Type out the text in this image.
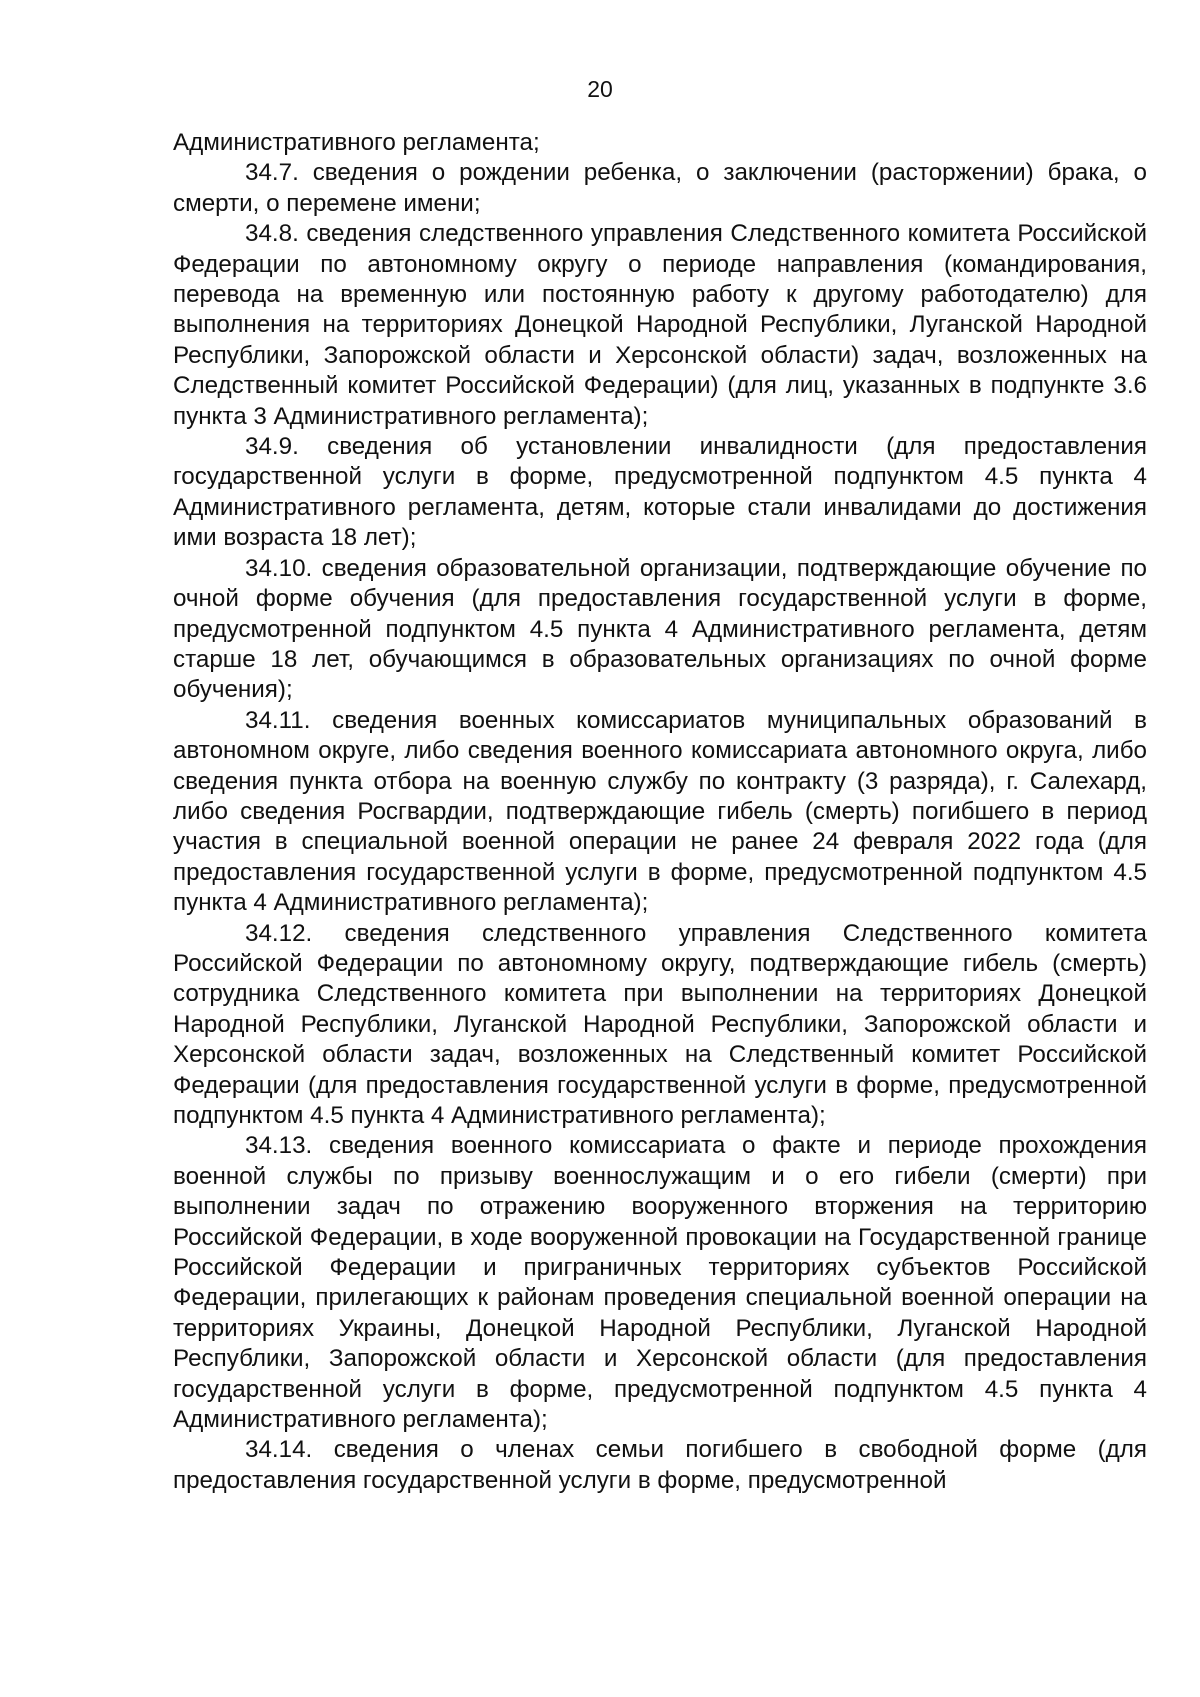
20

Административного регламента;

34.7. сведения о рождении ребенка, о заключении (расторжении) брака, о смерти, о перемене имени;

34.8. сведения следственного управления Следственного комитета Российской Федерации по автономному округу о периоде направления (командирования, перевода на временную или постоянную работу к другому работодателю) для выполнения на территориях Донецкой Народной Республики, Луганской Народной Республики, Запорожской области и Херсонской области) задач, возложенных на Следственный комитет Российской Федерации) (для лиц, указанных в подпункте 3.6 пункта 3 Административного регламента);

34.9. сведения об установлении инвалидности (для предоставления государственной услуги в форме, предусмотренной подпунктом 4.5 пункта 4 Административного регламента, детям, которые стали инвалидами до достижения ими возраста 18 лет);

34.10. сведения образовательной организации, подтверждающие обучение по очной форме обучения (для предоставления государственной услуги в форме, предусмотренной подпунктом 4.5 пункта 4 Административного регламента, детям старше 18 лет, обучающимся в образовательных организациях по очной форме обучения);

34.11. сведения военных комиссариатов муниципальных образований в автономном округе, либо сведения военного комиссариата автономного округа, либо сведения пункта отбора на военную службу по контракту (3 разряда), г. Салехард, либо сведения Росгвардии, подтверждающие гибель (смерть) погибшего в период участия в специальной военной операции не ранее 24 февраля 2022 года (для предоставления государственной услуги в форме, предусмотренной подпунктом 4.5 пункта 4 Административного регламента);

34.12. сведения следственного управления Следственного комитета Российской Федерации по автономному округу, подтверждающие гибель (смерть) сотрудника Следственного комитета при выполнении на территориях Донецкой Народной Республики, Луганской Народной Республики, Запорожской области и Херсонской области задач, возложенных на Следственный комитет Российской Федерации (для предоставления государственной услуги в форме, предусмотренной подпунктом 4.5 пункта 4 Административного регламента);

34.13. сведения военного комиссариата о факте и периоде прохождения военной службы по призыву военнослужащим и о его гибели (смерти) при выполнении задач по отражению вооруженного вторжения на территорию Российской Федерации, в ходе вооруженной провокации на Государственной границе Российской Федерации и приграничных территориях субъектов Российской Федерации, прилегающих к районам проведения специальной военной операции на территориях Украины, Донецкой Народной Республики, Луганской Народной Республики, Запорожской области и Херсонской области (для предоставления государственной услуги в форме, предусмотренной подпунктом 4.5 пункта 4 Административного регламента);

34.14. сведения о членах семьи погибшего в свободной форме (для предоставления государственной услуги в форме, предусмотренной
